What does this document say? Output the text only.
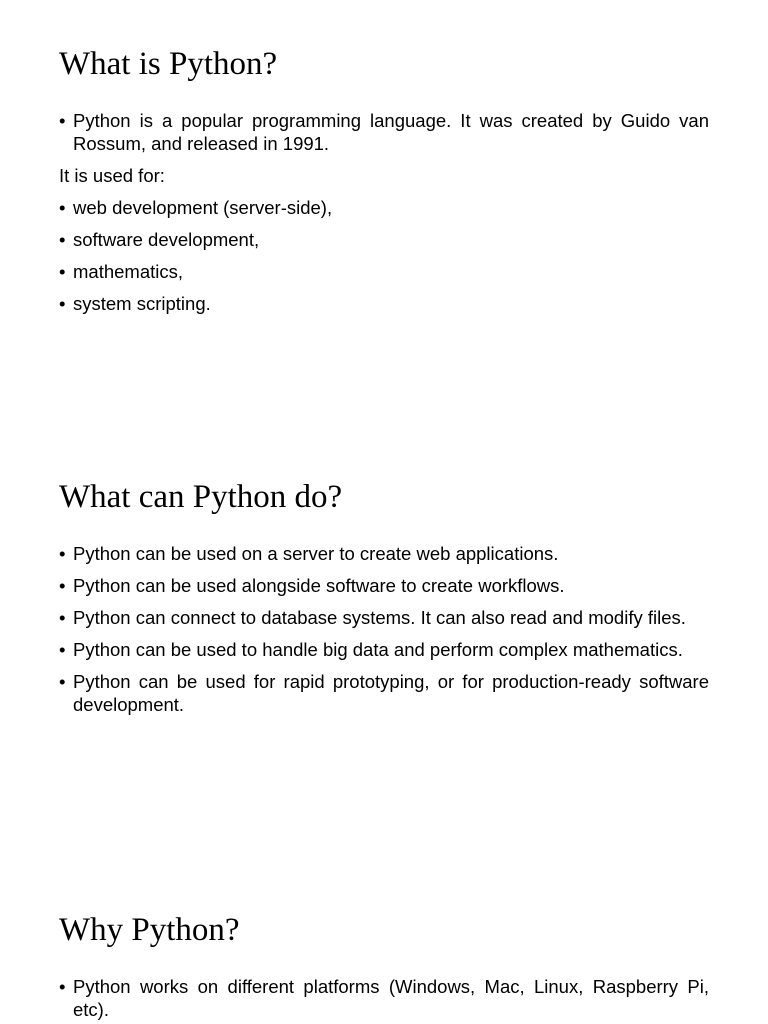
What is Python?
• Python is a popular programming language. It was created by Guido van Rossum, and released in 1991.
It is used for:
• web development (server-side),
• software development,
• mathematics,
• system scripting.
What can Python do?
• Python can be used on a server to create web applications.
• Python can be used alongside software to create workflows.
• Python can connect to database systems. It can also read and modify files.
• Python can be used to handle big data and perform complex mathematics.
• Python can be used for rapid prototyping, or for production-ready software development.
Why Python?
• Python works on different platforms (Windows, Mac, Linux, Raspberry Pi, etc).
